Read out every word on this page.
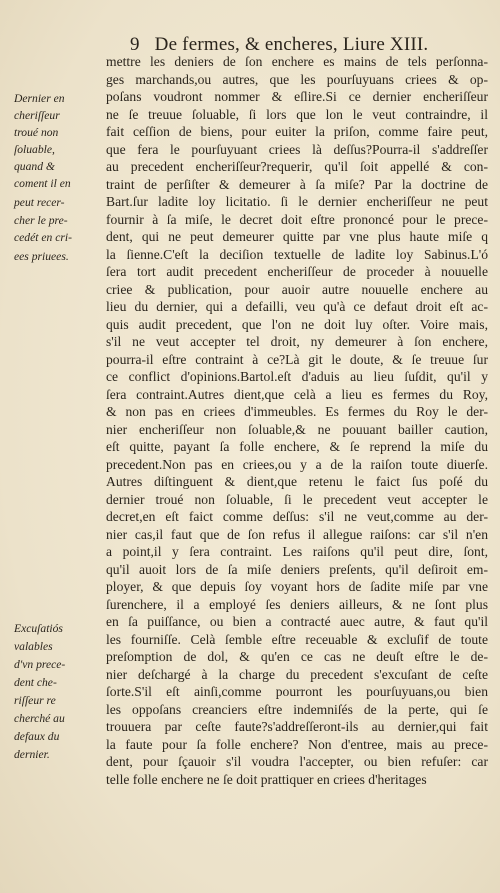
9 De fermes, & encheres, Liure XIII.
Dernier en
cheriſſeur
troué non
ſoluable,
quand &
coment il en
peut recer-
cher le pre-
cedét en cri-
ees priuees.
Excuſatiós
valables
d'vn prece-
dent che-
riſſeur re
cherché au
defaux du
dernier.
mettre les deniers de ſon enchere es mains de tels perſonna-
ges marchands,ou autres, que les pourſuyuans criees & op-
poſans voudront nommer & eſlire.Si ce dernier encheriſſeur
ne ſe treuue ſoluable, ſi lors que lon le veut contraindre, il
fait ceſſion de biens, pour euiter la priſon, comme faire peut,
que fera le pourſuyuant criees là deſſus?Pourra-il s'addreſſer
au precedent encheriſſeur?requerir, qu'il ſoit appellé & con-
traint de perſiſter & demeurer à ſa miſe? Par la doctrine de
Bart.ſur ladite loy licitatio. ſi le dernier encheriſſeur ne peut
fournir à ſa miſe, le decret doit eſtre prononcé pour le prece-
dent, qui ne peut demeurer quitte par vne plus haute miſe q
la ſienne.C'eſt la deciſion textuelle de ladite loy Sabinus.L'ó
ſera tort audit precedent encheriſſeur de proceder à nouuelle
criee & publication, pour auoir autre nouuelle enchere au
lieu du dernier, qui a defailli, veu qu'à ce defaut droit eſt ac-
quis audit precedent, que l'on ne doit luy oſter. Voire mais,
s'il ne veut accepter tel droit, ny demeurer à ſon enchere,
pourra-il eſtre contraint à ce?Là git le doute, & ſe treuue ſur
ce conflict d'opinions.Bartol.eſt d'aduis au lieu ſuſdit, qu'il y
ſera contraint.Autres dient,que celà a lieu es fermes du Roy,
& non pas en criees d'immeubles. Es fermes du Roy le der-
nier encheriſſeur non ſoluable,& ne pouuant bailler caution,
eſt quitte, payant ſa folle enchere, & ſe reprend la miſe du
precedent.Non pas en criees,ou y a de la raiſon toute diuerſe.
Autres diſtinguent & dient,que retenu le faict ſus poſé du
dernier troué non ſoluable, ſi le precedent veut accepter le
decret,en eſt faict comme deſſus: s'il ne veut,comme au der-
nier cas,il faut que de ſon refus il allegue raiſons: car s'il n'en
a point,il y ſera contraint. Les raiſons qu'il peut dire, ſont,
qu'il auoit lors de ſa miſe deniers preſents, qu'il deſiroit em-
ployer, & que depuis ſoy voyant hors de ſadite miſe par vne
ſurenchere, il a employé ſes deniers ailleurs, & ne ſont plus
en ſa puiſſance, ou bien a contracté auec autre, & faut qu'il
les fourniſſe. Celà ſemble eſtre receuable & excluſif de toute
preſomption de dol, & qu'en ce cas ne deuſt eſtre le de-
nier deſchargé à la charge du precedent s'excuſant de ceſte
ſorte.S'il eſt ainſi,comme pourront les pourſuyuans,ou bien
les oppoſans creanciers eſtre indemniſés de la perte, qui ſe
trouuera par ceſte faute?s'addreſſeront-ils au dernier,qui fait
la faute pour ſa folle enchere? Non d'entree, mais au prece-
dent, pour ſçauoir s'il voudra l'accepter, ou bien refuſer: car
telle folle enchere ne ſe doit prattiquer en criees d'heritages
